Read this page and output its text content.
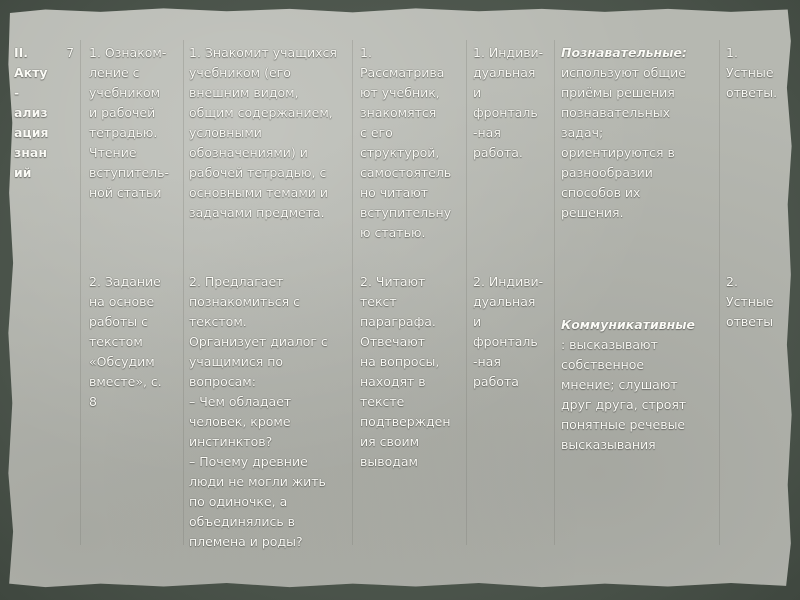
II.
Акту
-
ализ
ация
знан
ий

7 1. Ознаком-
ление с
учебником
и рабочей
тетрадью.
Чтение
вступитель-
ной статьи

1. Знакомит учащихся
учебником (его
внешним видом,
общим содержанием,
условными
обозначениями) и
рабочей тетрадью, с
основными темами и
задачами предмета.

1.
Рассматрива
ют учебник,
знакомятся
с его
структурой,
самостоятель
но читают
вступительну
ю статью.

1. Индиви-
дуальная
и
фронталь
-ная
работа.

Познавательные:

используют общие
приёмы решения
познавательных
задач;
ориентируются в
разнообразии
способов их
решения.

1.
Устные
ответы.

2. Задание
на основе
работы с
текстом
«Обсудим
вместе», с.
8

2. Предлагает
познакомиться с
текстом.
Организует диалог с
учащимися по
вопросам:
– Чем обладает
человек, кроме
инстинктов?
– Почему древние
люди не могли жить
по одиночке, а
объединялись в
племена и роды?

2. Читают
текст
параграфа.
Отвечают
на вопросы,
находят в
тексте
подтвержден
ия своим
выводам

2. Индиви-
дуальная
и
фронталь
-ная
работа

Коммуникативные

: высказывают
собственное
мнение; слушают
друг друга, строят
понятные речевые
высказывания

2.
Устные
ответы
